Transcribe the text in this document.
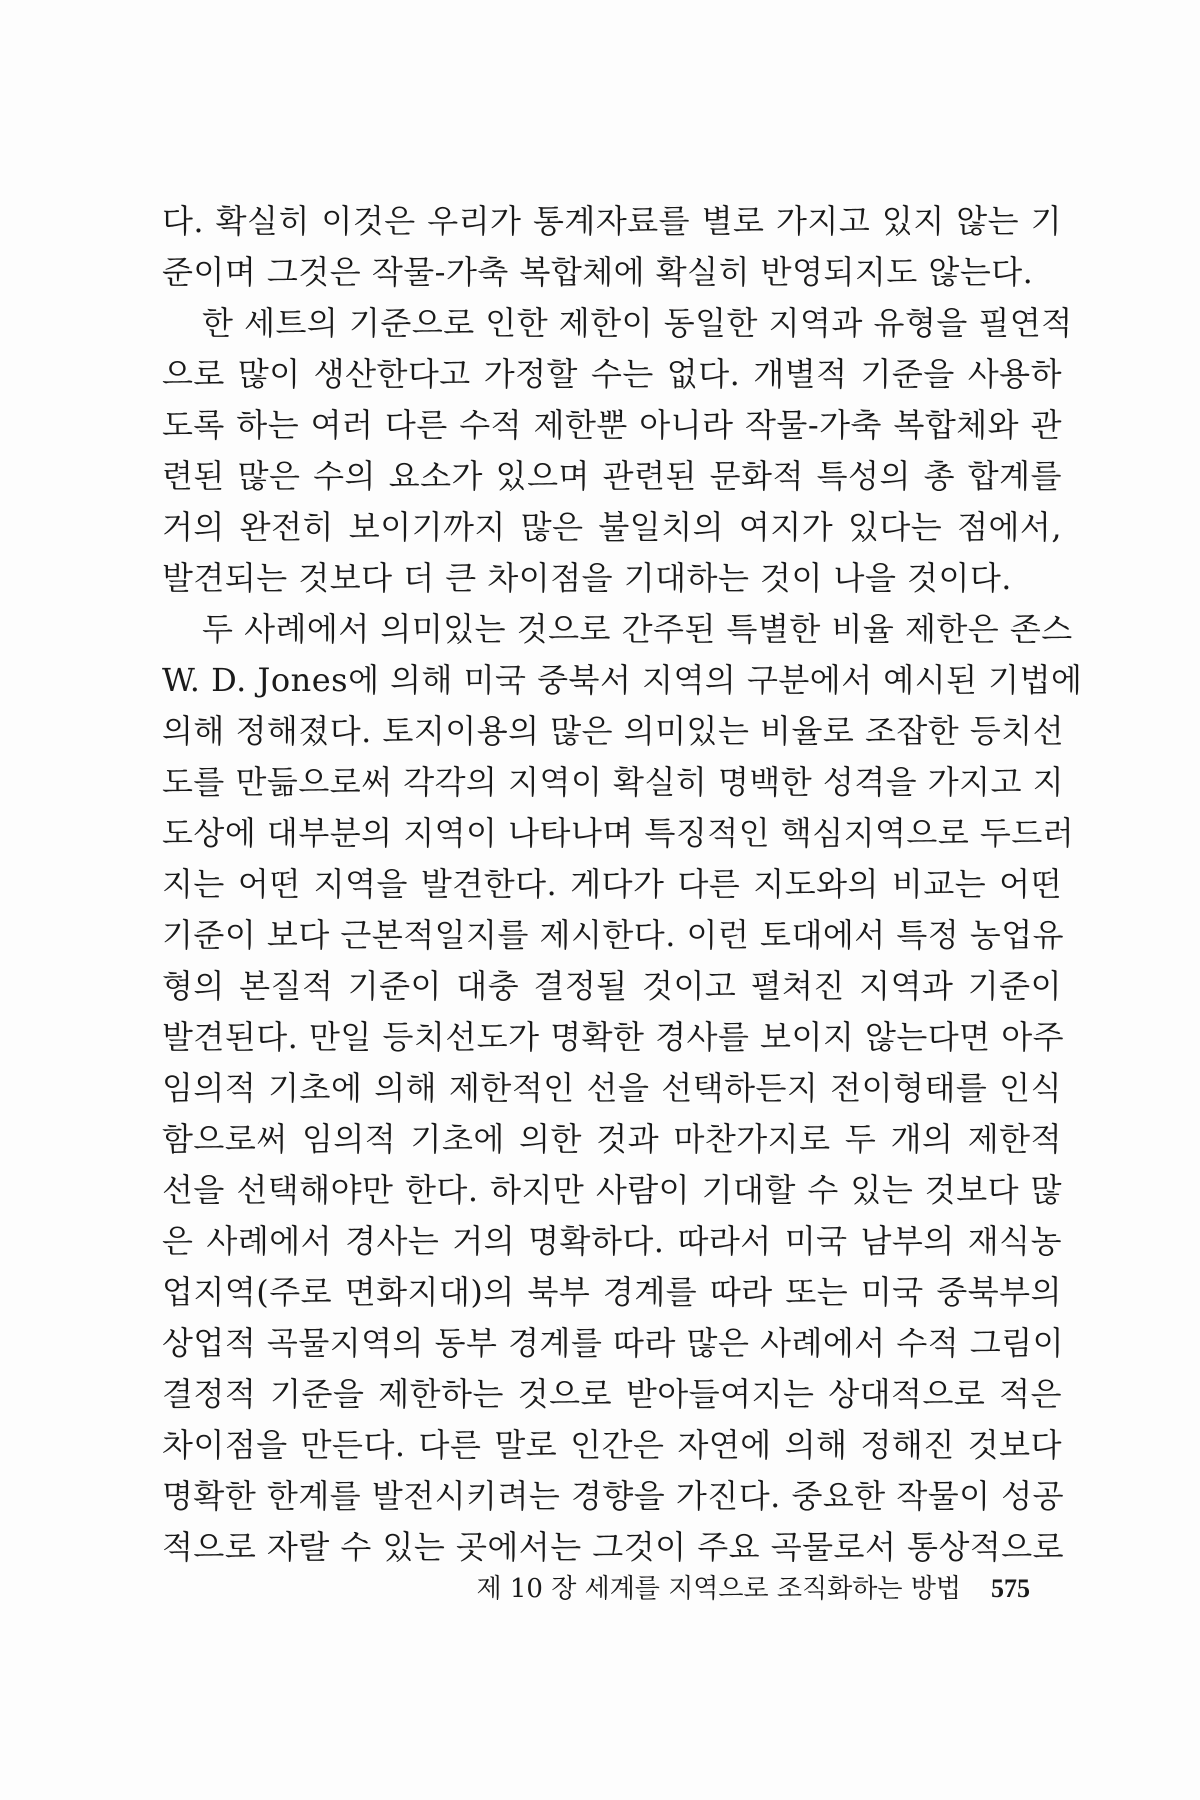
다. 확실히 이것은 우리가 통계자료를 별로 가지고 있지 않는 기
준이며 그것은 작물-가축 복합체에 확실히 반영되지도 않는다.
한 세트의 기준으로 인한 제한이 동일한 지역과 유형을 필연적
으로 많이 생산한다고 가정할 수는 없다. 개별적 기준을 사용하
도록 하는 여러 다른 수적 제한뿐 아니라 작물-가축 복합체와 관
련된 많은 수의 요소가 있으며 관련된 문화적 특성의 총 합계를
거의 완전히 보이기까지 많은 불일치의 여지가 있다는 점에서,
발견되는 것보다 더 큰 차이점을 기대하는 것이 나을 것이다.
두 사례에서 의미있는 것으로 간주된 특별한 비율 제한은 존스
W. D. Jones에 의해 미국 중북서 지역의 구분에서 예시된 기법에
의해 정해졌다. 토지이용의 많은 의미있는 비율로 조잡한 등치선
도를 만듦으로써 각각의 지역이 확실히 명백한 성격을 가지고 지
도상에 대부분의 지역이 나타나며 특징적인 핵심지역으로 두드러
지는 어떤 지역을 발견한다. 게다가 다른 지도와의 비교는 어떤
기준이 보다 근본적일지를 제시한다. 이런 토대에서 특정 농업유
형의 본질적 기준이 대충 결정될 것이고 펼쳐진 지역과 기준이
발견된다. 만일 등치선도가 명확한 경사를 보이지 않는다면 아주
임의적 기초에 의해 제한적인 선을 선택하든지 전이형태를 인식
함으로써 임의적 기초에 의한 것과 마찬가지로 두 개의 제한적
선을 선택해야만 한다. 하지만 사람이 기대할 수 있는 것보다 많
은 사례에서 경사는 거의 명확하다. 따라서 미국 남부의 재식농
업지역(주로 면화지대)의 북부 경계를 따라 또는 미국 중북부의
상업적 곡물지역의 동부 경계를 따라 많은 사례에서 수적 그림이
결정적 기준을 제한하는 것으로 받아들여지는 상대적으로 적은
차이점을 만든다. 다른 말로 인간은 자연에 의해 정해진 것보다
명확한 한계를 발전시키려는 경향을 가진다. 중요한 작물이 성공
적으로 자랄 수 있는 곳에서는 그것이 주요 곡물로서 통상적으로
제 10 장 세계를 지역으로 조직화하는 방법 575
